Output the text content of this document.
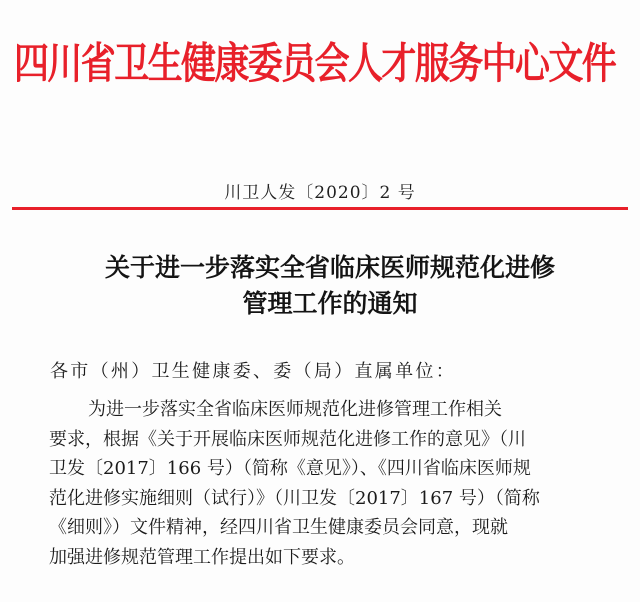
四川省卫生健康委员会人才服务中心文件
川卫人发〔2020〕2 号
关于进一步落实全省临床医师规范化进修
管理工作的通知
各市（州）卫生健康委、委（局）直属单位：
为进一步落实全省临床医师规范化进修管理工作相关
要求，根据《关于开展临床医师规范化进修工作的意见》（川
卫发〔2017〕166 号）（简称《意见》）、《四川省临床医师规
范化进修实施细则（试行）》（川卫发〔2017〕167 号）（简称
《细则》）文件精神，经四川省卫生健康委员会同意，现就
加强进修规范管理工作提出如下要求。
